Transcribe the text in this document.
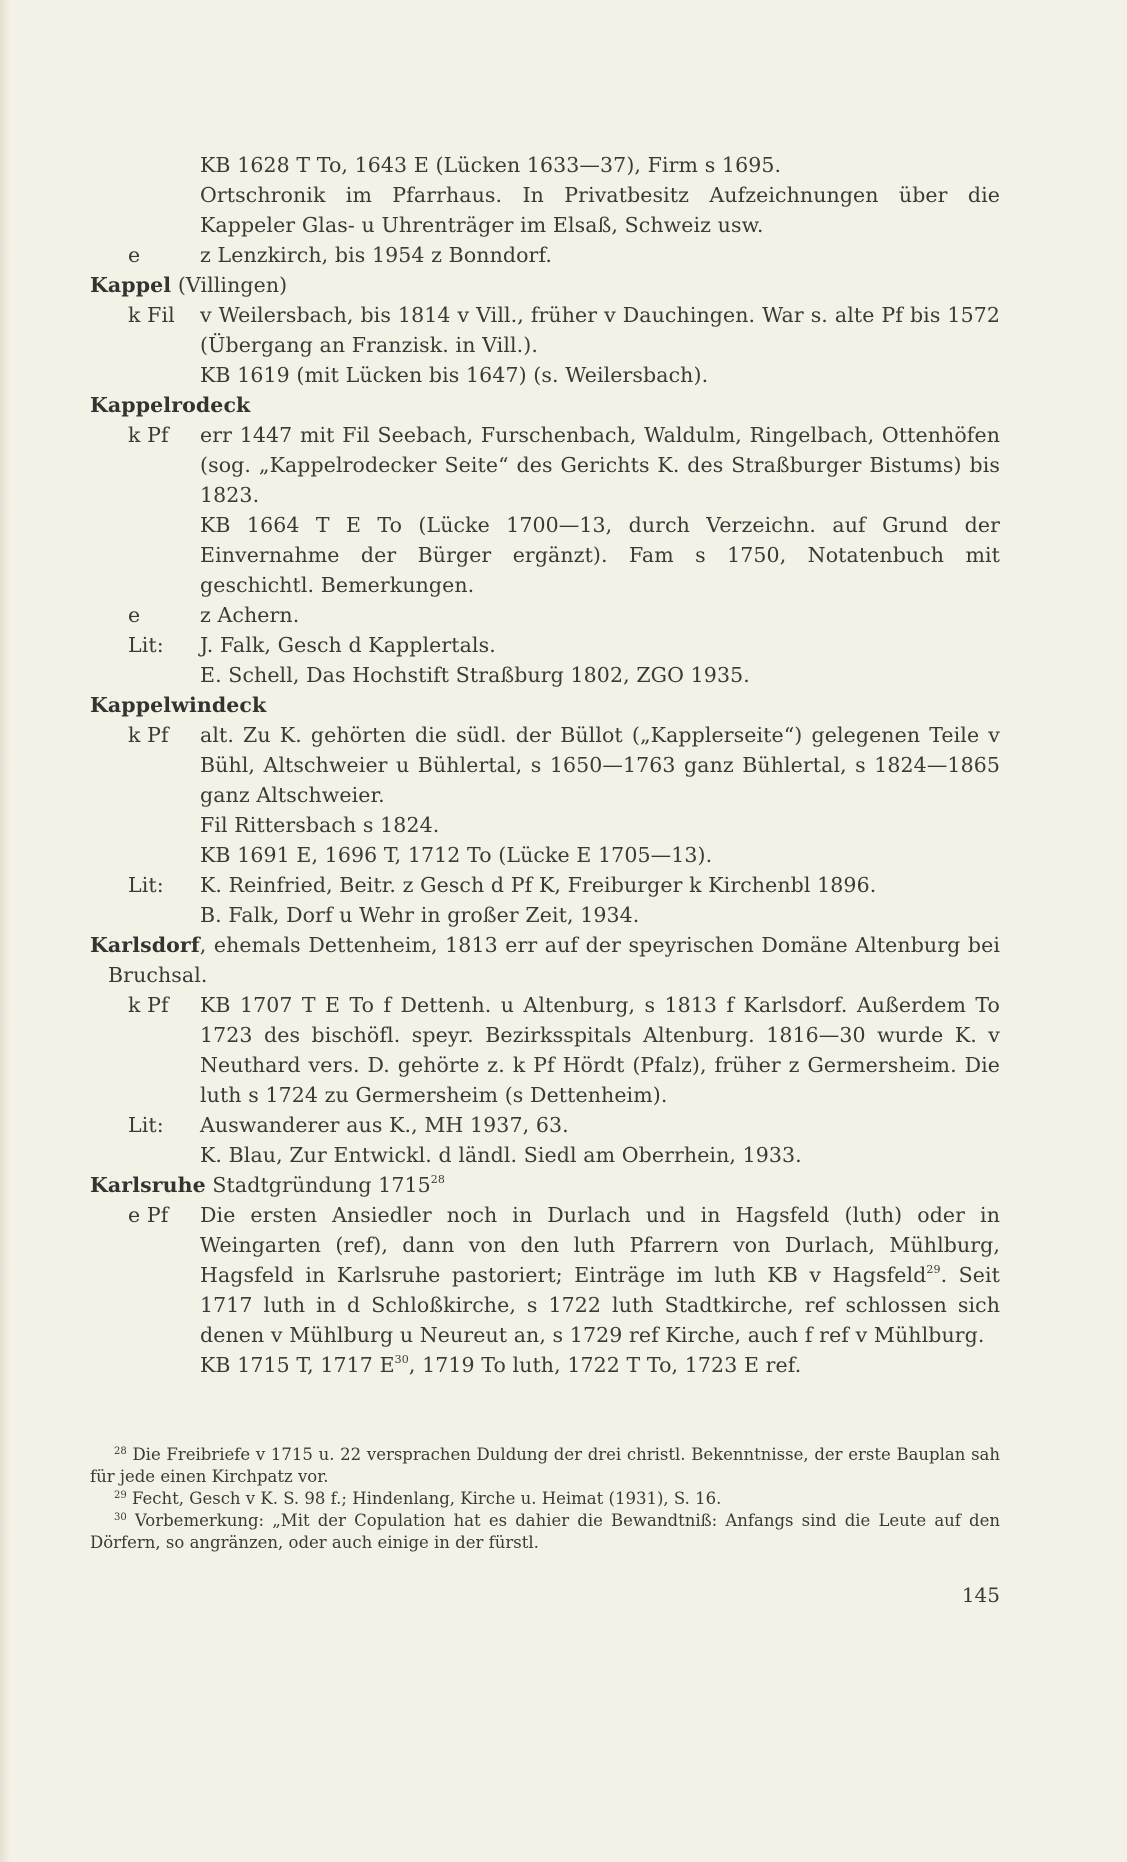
KB 1628 T To, 1643 E (Lücken 1633—37), Firm s 1695.
Ortschronik im Pfarrhaus. In Privatbesitz Aufzeichnungen über die Kappeler Glas- u Uhrenträger im Elsaß, Schweiz usw.
e	z Lenzkirch, bis 1954 z Bonndorf.
Kappel (Villingen)
k Fil	v Weilersbach, bis 1814 v Vill., früher v Dauchingen. War s. alte Pf bis 1572 (Übergang an Franzisk. in Vill.).
KB 1619 (mit Lücken bis 1647) (s. Weilersbach).
Kappelrodeck
k Pf	err 1447 mit Fil Seebach, Furschenbach, Waldulm, Ringelbach, Ottenhöfen (sog. „Kappelrodecker Seite“ des Gerichts K. des Straßburger Bistums) bis 1823.
KB 1664 T E To (Lücke 1700—13, durch Verzeichn. auf Grund der Einvernahme der Bürger ergänzt). Fam s 1750, Notatenbuch mit geschichtl. Bemerkungen.
e	z Achern.
Lit:	J. Falk, Gesch d Kapplertals.
E. Schell, Das Hochstift Straßburg 1802, ZGO 1935.
Kappelwindeck
k Pf	alt. Zu K. gehörten die südl. der Büllot („Kapplerseite“) gelegenen Teile v Bühl, Altschweier u Bühlertal, s 1650—1763 ganz Bühlertal, s 1824—1865 ganz Altschweier.
Fil Rittersbach s 1824.
KB 1691 E, 1696 T, 1712 To (Lücke E 1705—13).
Lit:	K. Reinfried, Beitr. z Gesch d Pf K, Freiburger k Kirchenbl 1896.
B. Falk, Dorf u Wehr in großer Zeit, 1934.
Karlsdorf, ehemals Dettenheim, 1813 err auf der speyrischen Domäne Altenburg bei Bruchsal.
k Pf	KB 1707 T E To f Dettenh. u Altenburg, s 1813 f Karlsdorf. Außerdem To 1723 des bischöfl. speyr. Bezirksspitals Altenburg. 1816—30 wurde K. v Neuthard vers. D. gehörte z. k Pf Hördt (Pfalz), früher z Germersheim. Die luth s 1724 zu Germersheim (s Dettenheim).
Lit:	Auswanderer aus K., MH 1937, 63.
K. Blau, Zur Entwickl. d ländl. Siedl am Oberrhein, 1933.
Karlsruhe Stadtgründung 1715$^{28}$
e Pf	Die ersten Ansiedler noch in Durlach und in Hagsfeld (luth) oder in Weingarten (ref), dann von den luth Pfarrern von Durlach, Mühlburg, Hagsfeld in Karlsruhe pastoriert; Einträge im luth KB v Hagsfeld$^{29}$. Seit 1717 luth in d Schloßkirche, s 1722 luth Stadtkirche, ref schlossen sich denen v Mühlburg u Neureut an, s 1729 ref Kirche, auch f ref v Mühlburg.
KB 1715 T, 1717 $E^{30}$, 1719 To luth, 1722 T To, 1723 E ref.
$^{28}$ Die Freibriefe v 1715 u. 22 versprachen Duldung der drei christl. Bekenntnisse, der erste Bauplan sah für jede einen Kirchpatz vor.
$^{29}$ Fecht, Gesch v K. S. 98 f.; Hindenlang, Kirche u. Heimat (1931), S. 16.
$^{30}$ Vorbemerkung: „Mit der Copulation hat es dahier die Bewandtniß: Anfangs sind die Leute auf den Dörfern, so angränzen, oder auch einige in der fürstl.
145
